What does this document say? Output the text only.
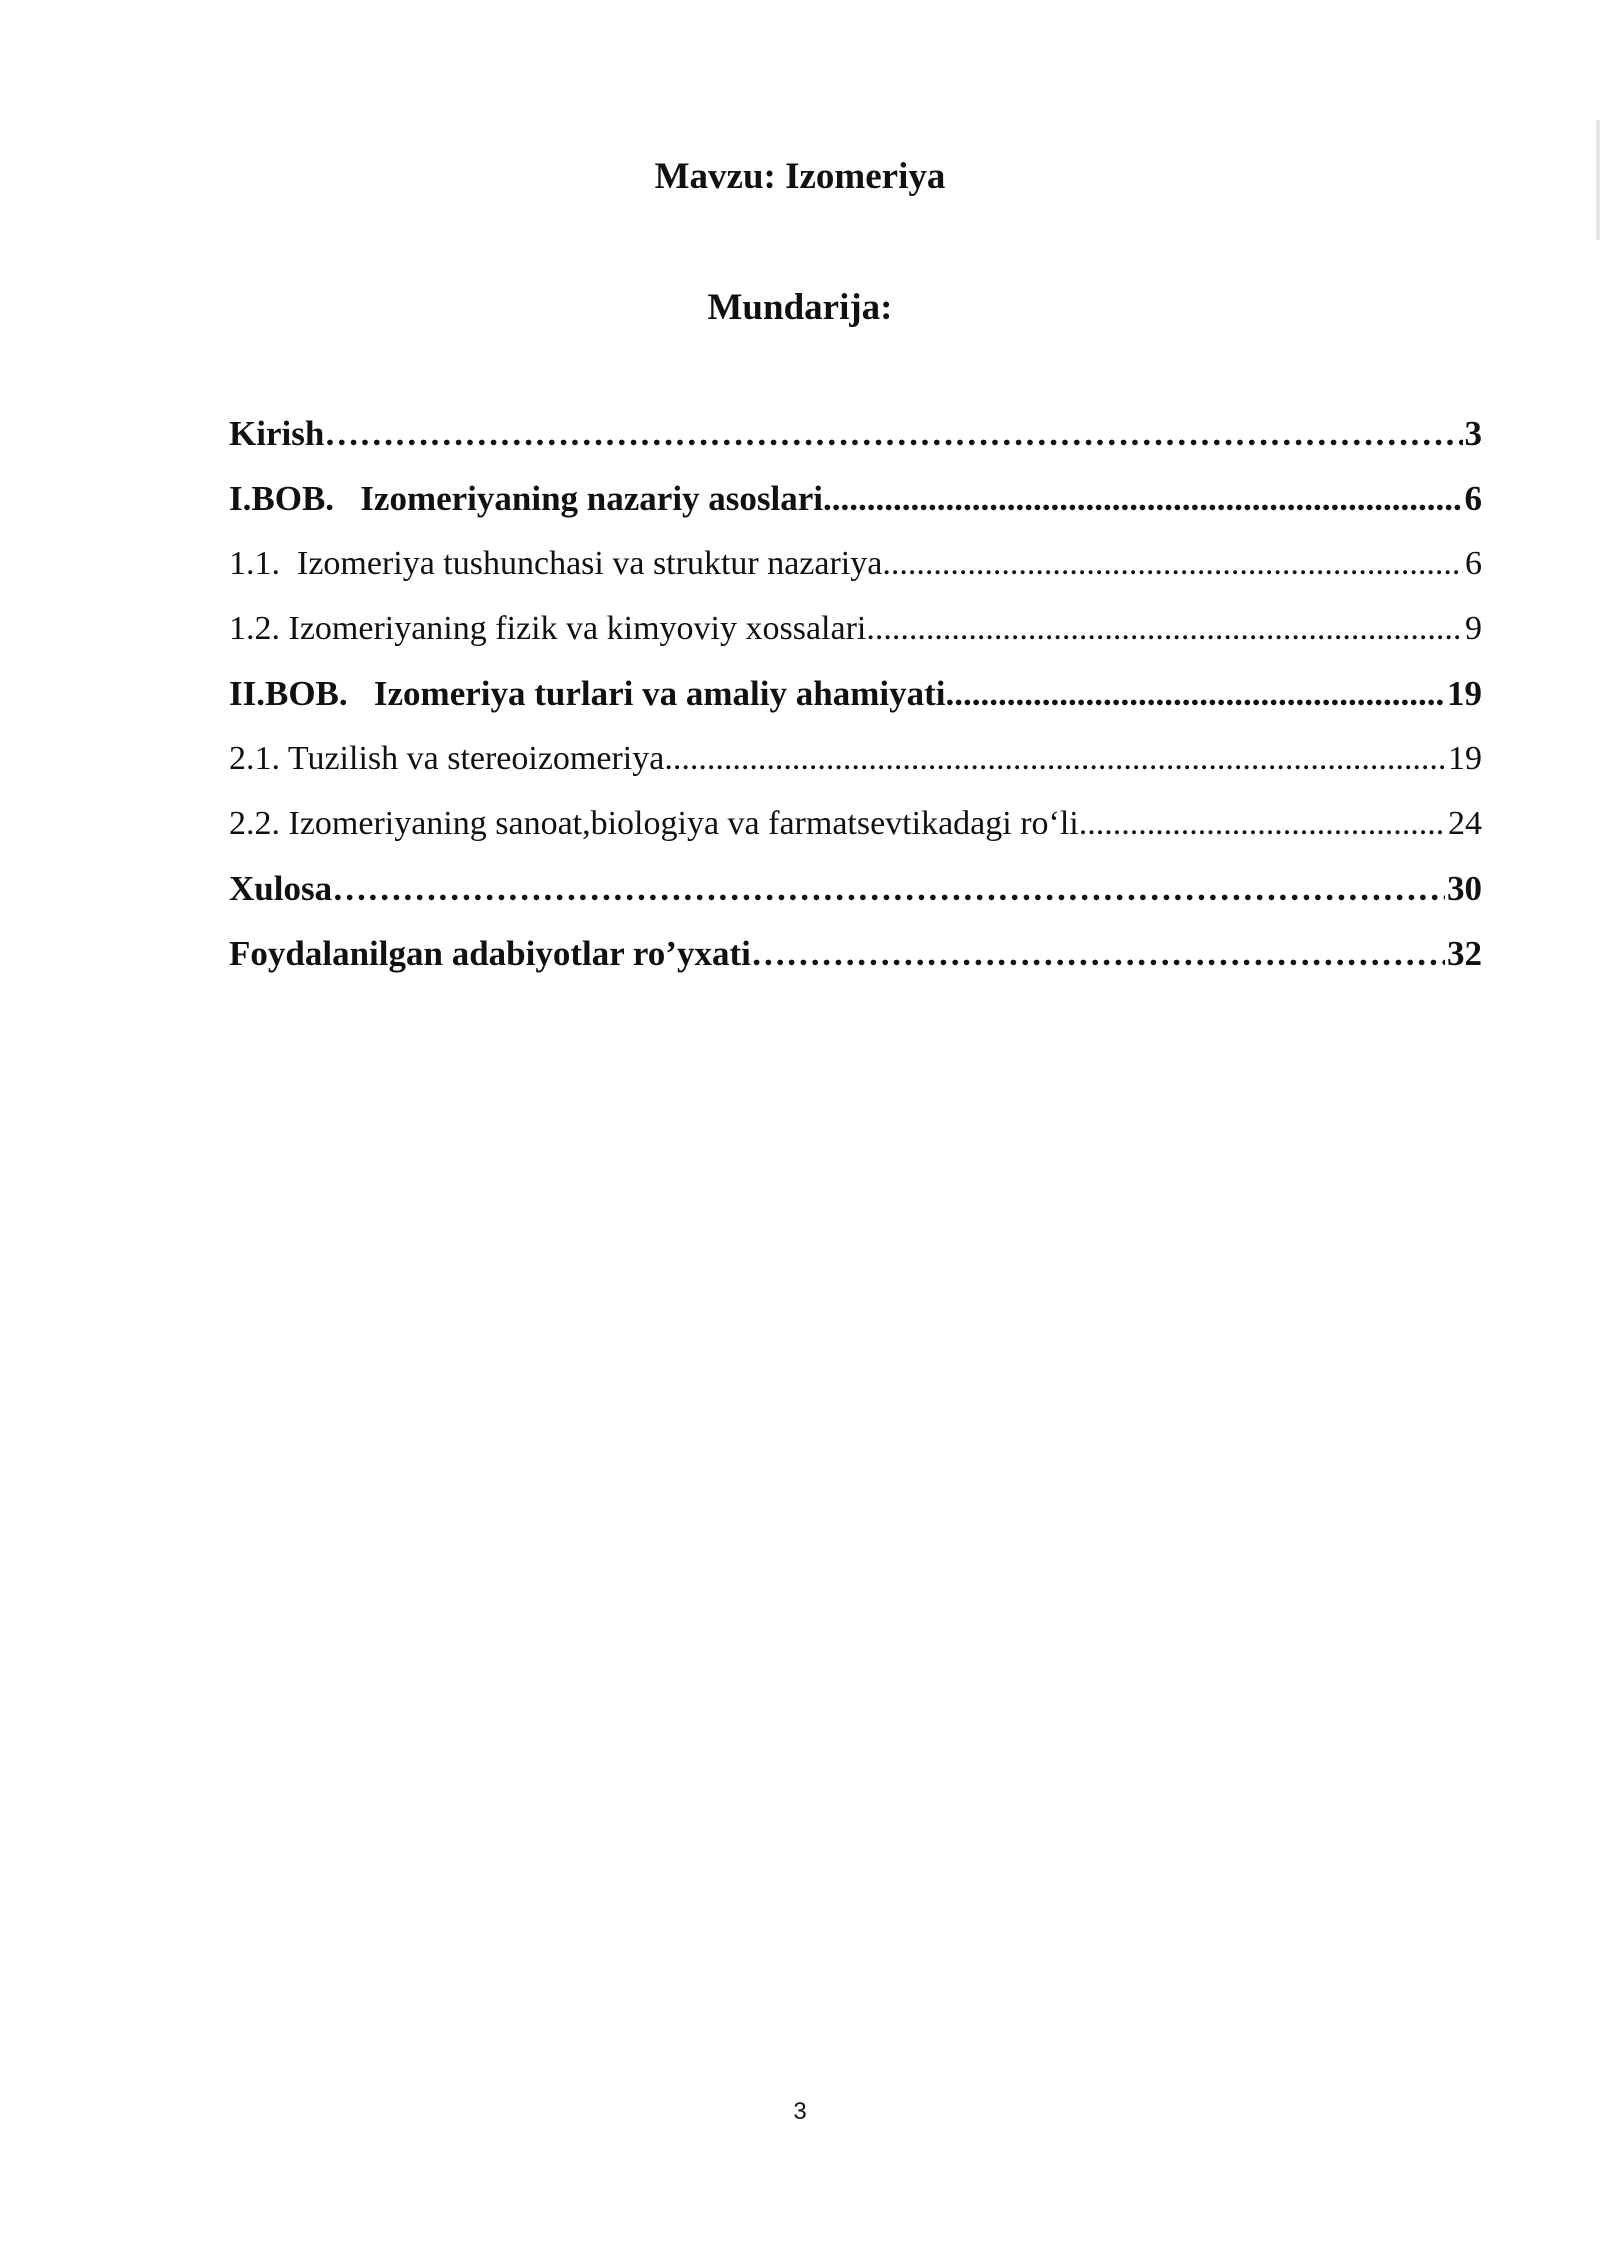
Mavzu: Izomeriya
Mundarija:
Kirish …………………………………………………………………………………………………………………………………………………………………………………………	3
I.BOB.   Izomeriyaning nazariy asoslari .....	6
1.1.  Izomeriya tushunchasi va struktur nazariya .....	6
1.2. Izomeriyaning fizik va kimyoviy xossalari .....	9
II.BOB.   Izomeriya turlari va amaliy ahamiyati .....	19
2.1. Tuzilish va stereoizomeriya .....	19
2.2. Izomeriyaning sanoat,biologiya va farmatsevtikadagi ro‘li .....	24
Xulosa …………………………………………………………………………………………………………………………………………………………………………………………	30
Foydalanilgan adabiyotlar ro’yxati …………………………………………………………………………………………………………………………………………………………………………………………	32
3
